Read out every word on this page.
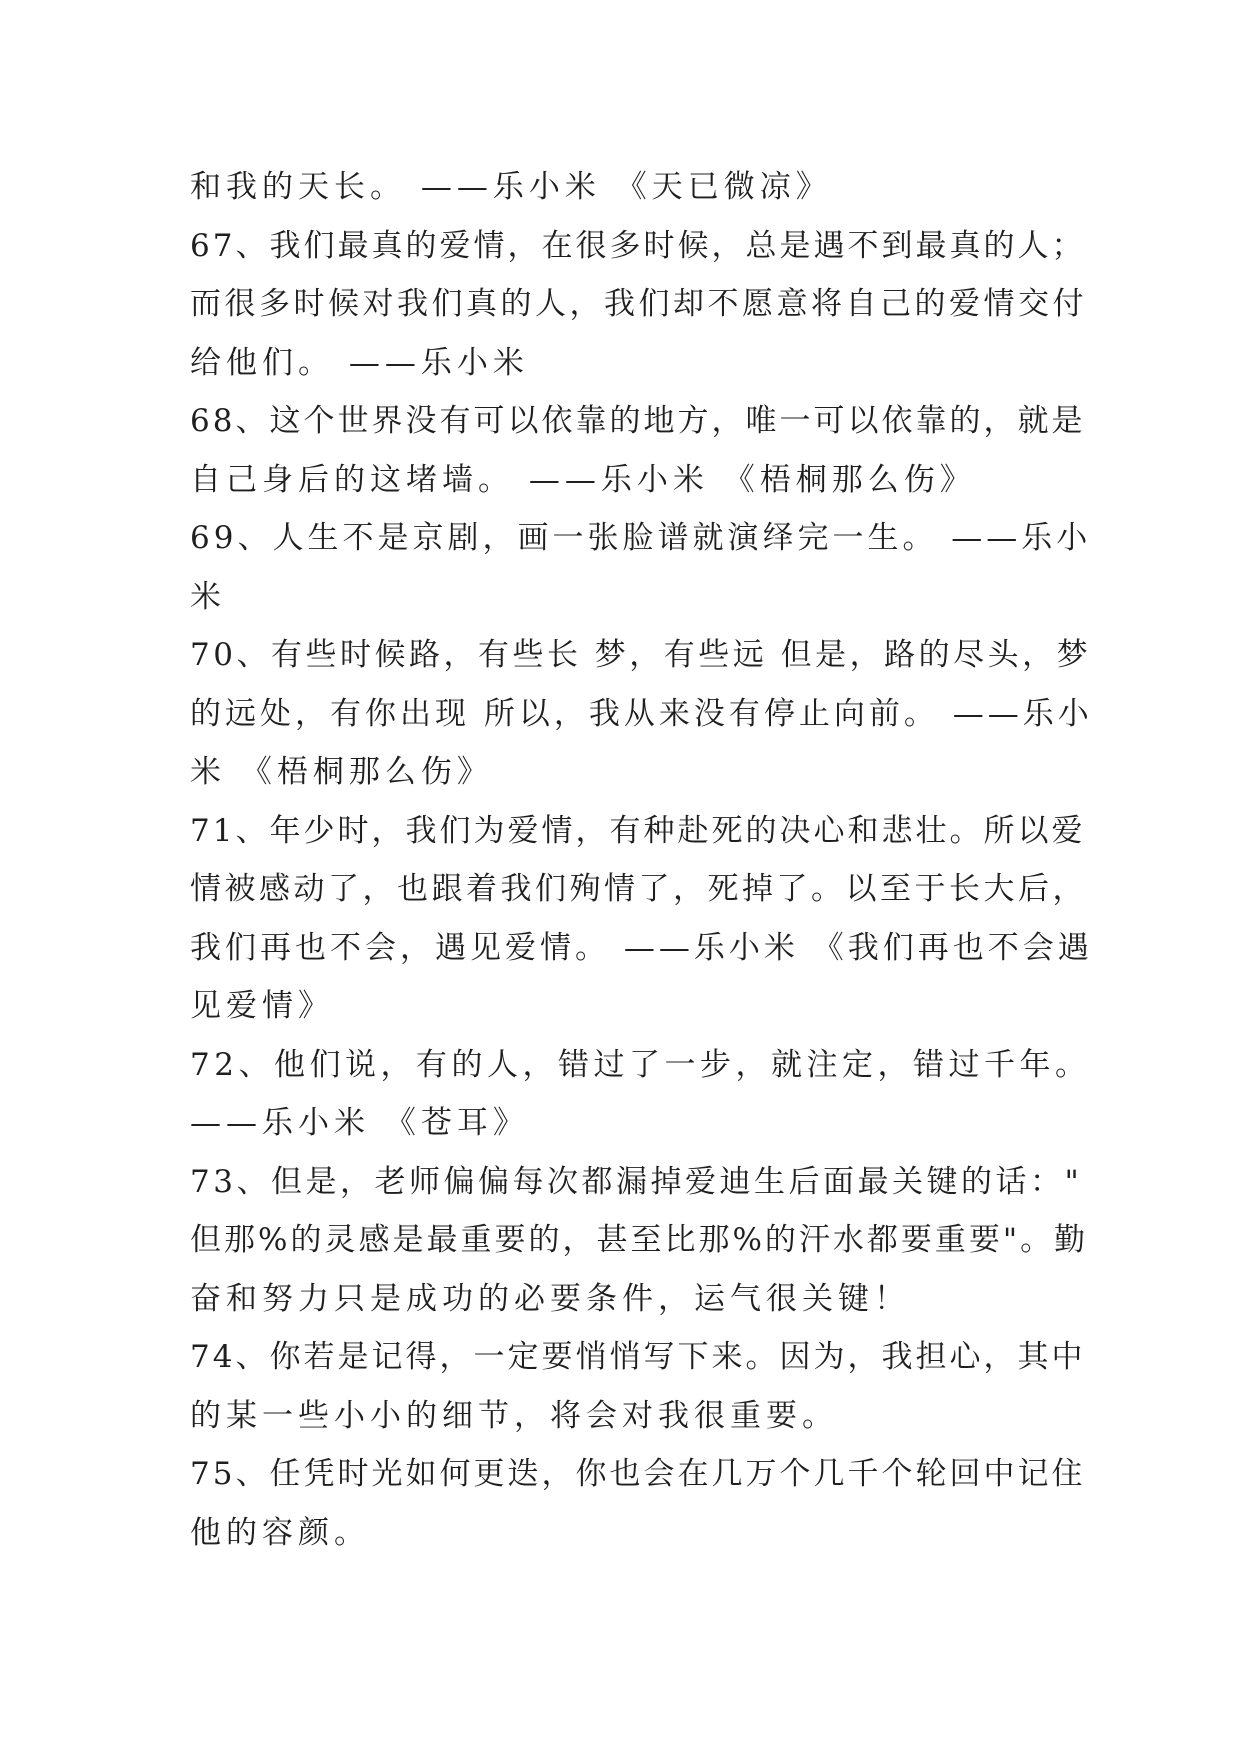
和我的天长。 ——乐小米 《天已微凉》
67、我们最真的爱情，在很多时候，总是遇不到最真的人；
而很多时候对我们真的人，我们却不愿意将自己的爱情交付
给他们。 ——乐小米
68、这个世界没有可以依靠的地方，唯一可以依靠的，就是
自己身后的这堵墙。 ——乐小米 《梧桐那么伤》
69、人生不是京剧，画一张脸谱就演绎完一生。 ——乐小
米
70、有些时候路，有些长 梦，有些远 但是，路的尽头，梦
的远处，有你出现 所以，我从来没有停止向前。 ——乐小
米 《梧桐那么伤》
71、年少时，我们为爱情，有种赴死的决心和悲壮。所以爱
情被感动了，也跟着我们殉情了，死掉了。以至于长大后，
我们再也不会，遇见爱情。 ——乐小米 《我们再也不会遇
见爱情》
72、他们说，有的人，错过了一步，就注定，错过千年。
——乐小米 《苍耳》
73、但是，老师偏偏每次都漏掉爱迪生后面最关键的话："
但那%的灵感是最重要的，甚至比那%的汗水都要重要"。勤
奋和努力只是成功的必要条件，运气很关键！
74、你若是记得，一定要悄悄写下来。因为，我担心，其中
的某一些小小的细节，将会对我很重要。
75、任凭时光如何更迭，你也会在几万个几千个轮回中记住
他的容颜。
